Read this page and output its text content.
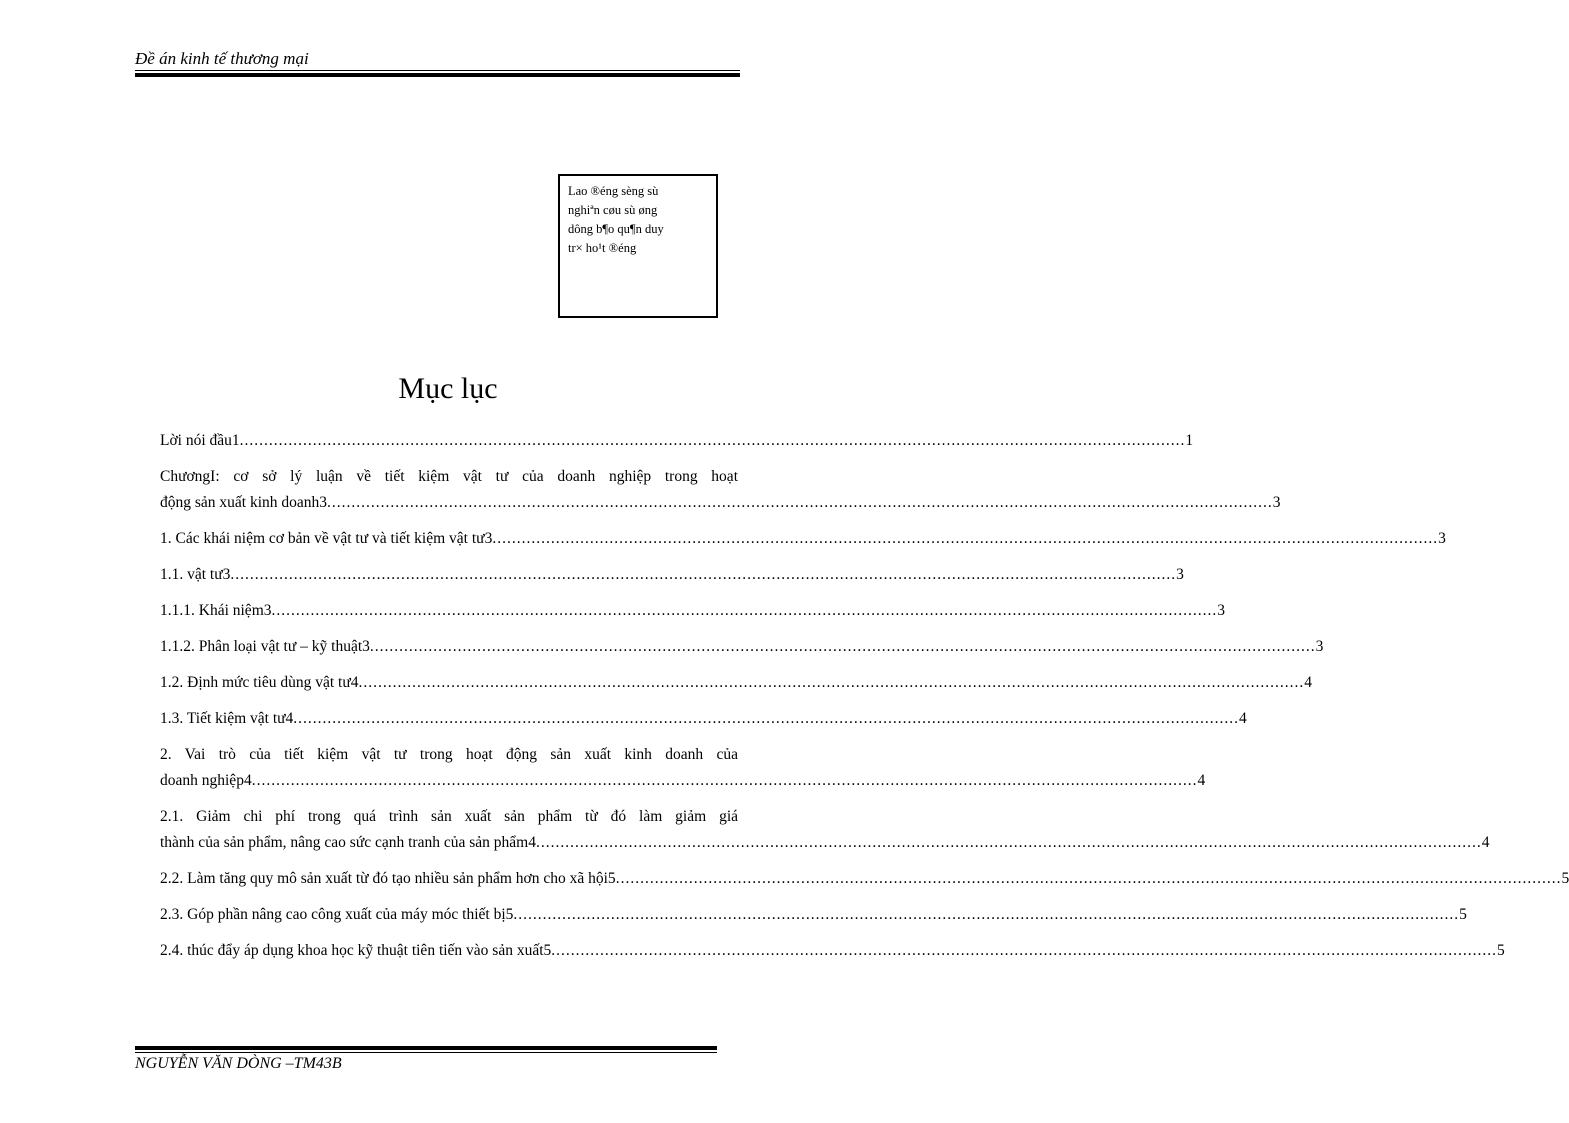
Đề án kinh tế thương mại
Lao ®éng sèng sù
nghiªn cøu sù øng
dông b¶o qu¶n duy
tr× ho¹t ®éng
Mục lục
Lời nói đầu1 .................................................................................................................................................................................................. 1
ChươngI: cơ sở lý luận về tiết kiệm vật tư của doanh nghiệp trong hoạt
động sản xuất kinh doanh3 .................................................................................................................................................................................................. 3
1. Các khái niệm cơ bản về vật tư và tiết kiệm vật tư3 .................................................................................................................................................................................................. 3
1.1. vật tư3 .................................................................................................................................................................................................. 3
1.1.1. Khái niệm3 .................................................................................................................................................................................................. 3
1.1.2. Phân loại vật tư – kỹ thuật3 .................................................................................................................................................................................................. 3
1.2. Định mức tiêu dùng vật tư4 .................................................................................................................................................................................................. 4
1.3. Tiết kiệm vật tư4 .................................................................................................................................................................................................. 4
2. Vai trò của tiết kiệm vật tư trong hoạt động sản xuất kinh doanh của
doanh nghiệp4 .................................................................................................................................................................................................. 4
2.1. Giảm chi phí trong quá trình sản xuất sản phẩm từ đó làm giảm giá
thành của sản phẩm, nâng cao sức cạnh tranh của sản phẩm4 .................................................................................................................................................................................................. 4
2.2. Làm tăng quy mô sản xuất từ đó tạo nhiều sản phẩm hơn cho xã hội5 .................................................................................................................................................................................................. 5
2.3. Góp phần nâng cao công xuất của máy móc thiết bị5 .................................................................................................................................................................................................. 5
2.4. thúc đẩy áp dụng khoa học kỹ thuật tiên tiến vào sản xuất5 .................................................................................................................................................................................................. 5
NGUYỄN VĂN DÒNG –TM43B
